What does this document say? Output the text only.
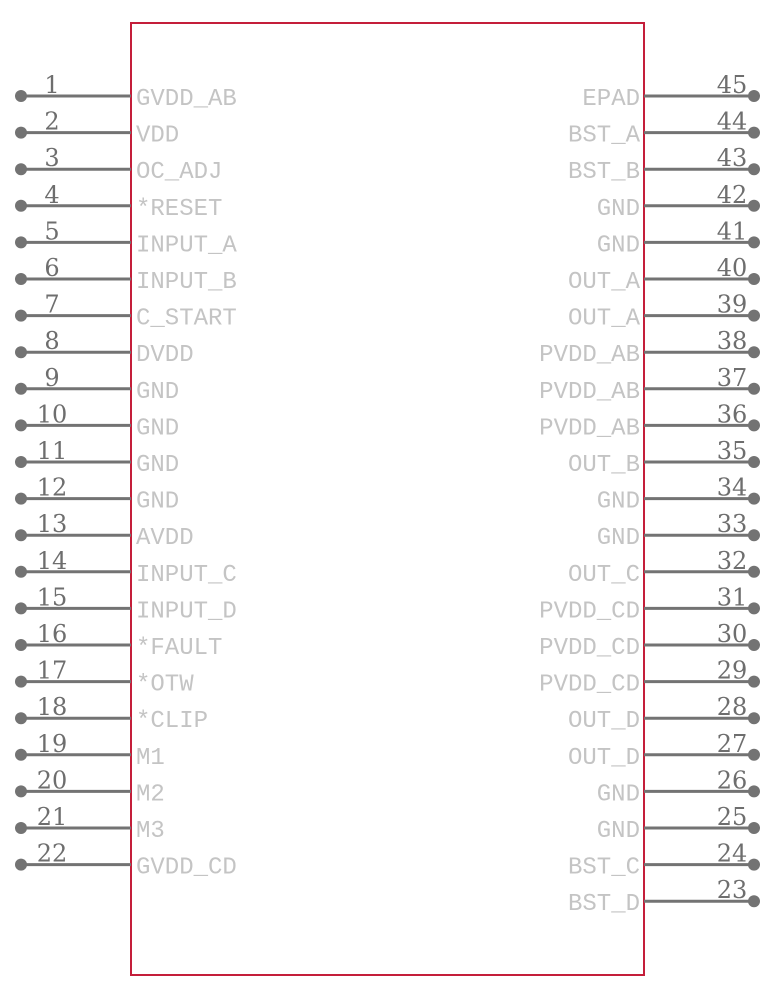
1
GVDD_AB
2
VDD
3
OC_ADJ
4
*RESET
5
INPUT_A
6
INPUT_B
7
C_START
8
DVDD
9
GND
10
GND
11
GND
12
GND
13
AVDD
14
INPUT_C
15
INPUT_D
16
*FAULT
17
*OTW
18
*CLIP
19
M1
20
M2
21
M3
22
GVDD_CD
45
EPAD
44
BST_A
43
BST_B
42
GND
41
GND
40
OUT_A
39
OUT_A
38
PVDD_AB
37
PVDD_AB
36
PVDD_AB
35
OUT_B
34
GND
33
GND
32
OUT_C
31
PVDD_CD
30
PVDD_CD
29
PVDD_CD
28
OUT_D
27
OUT_D
26
GND
25
GND
24
BST_C
23
BST_D
